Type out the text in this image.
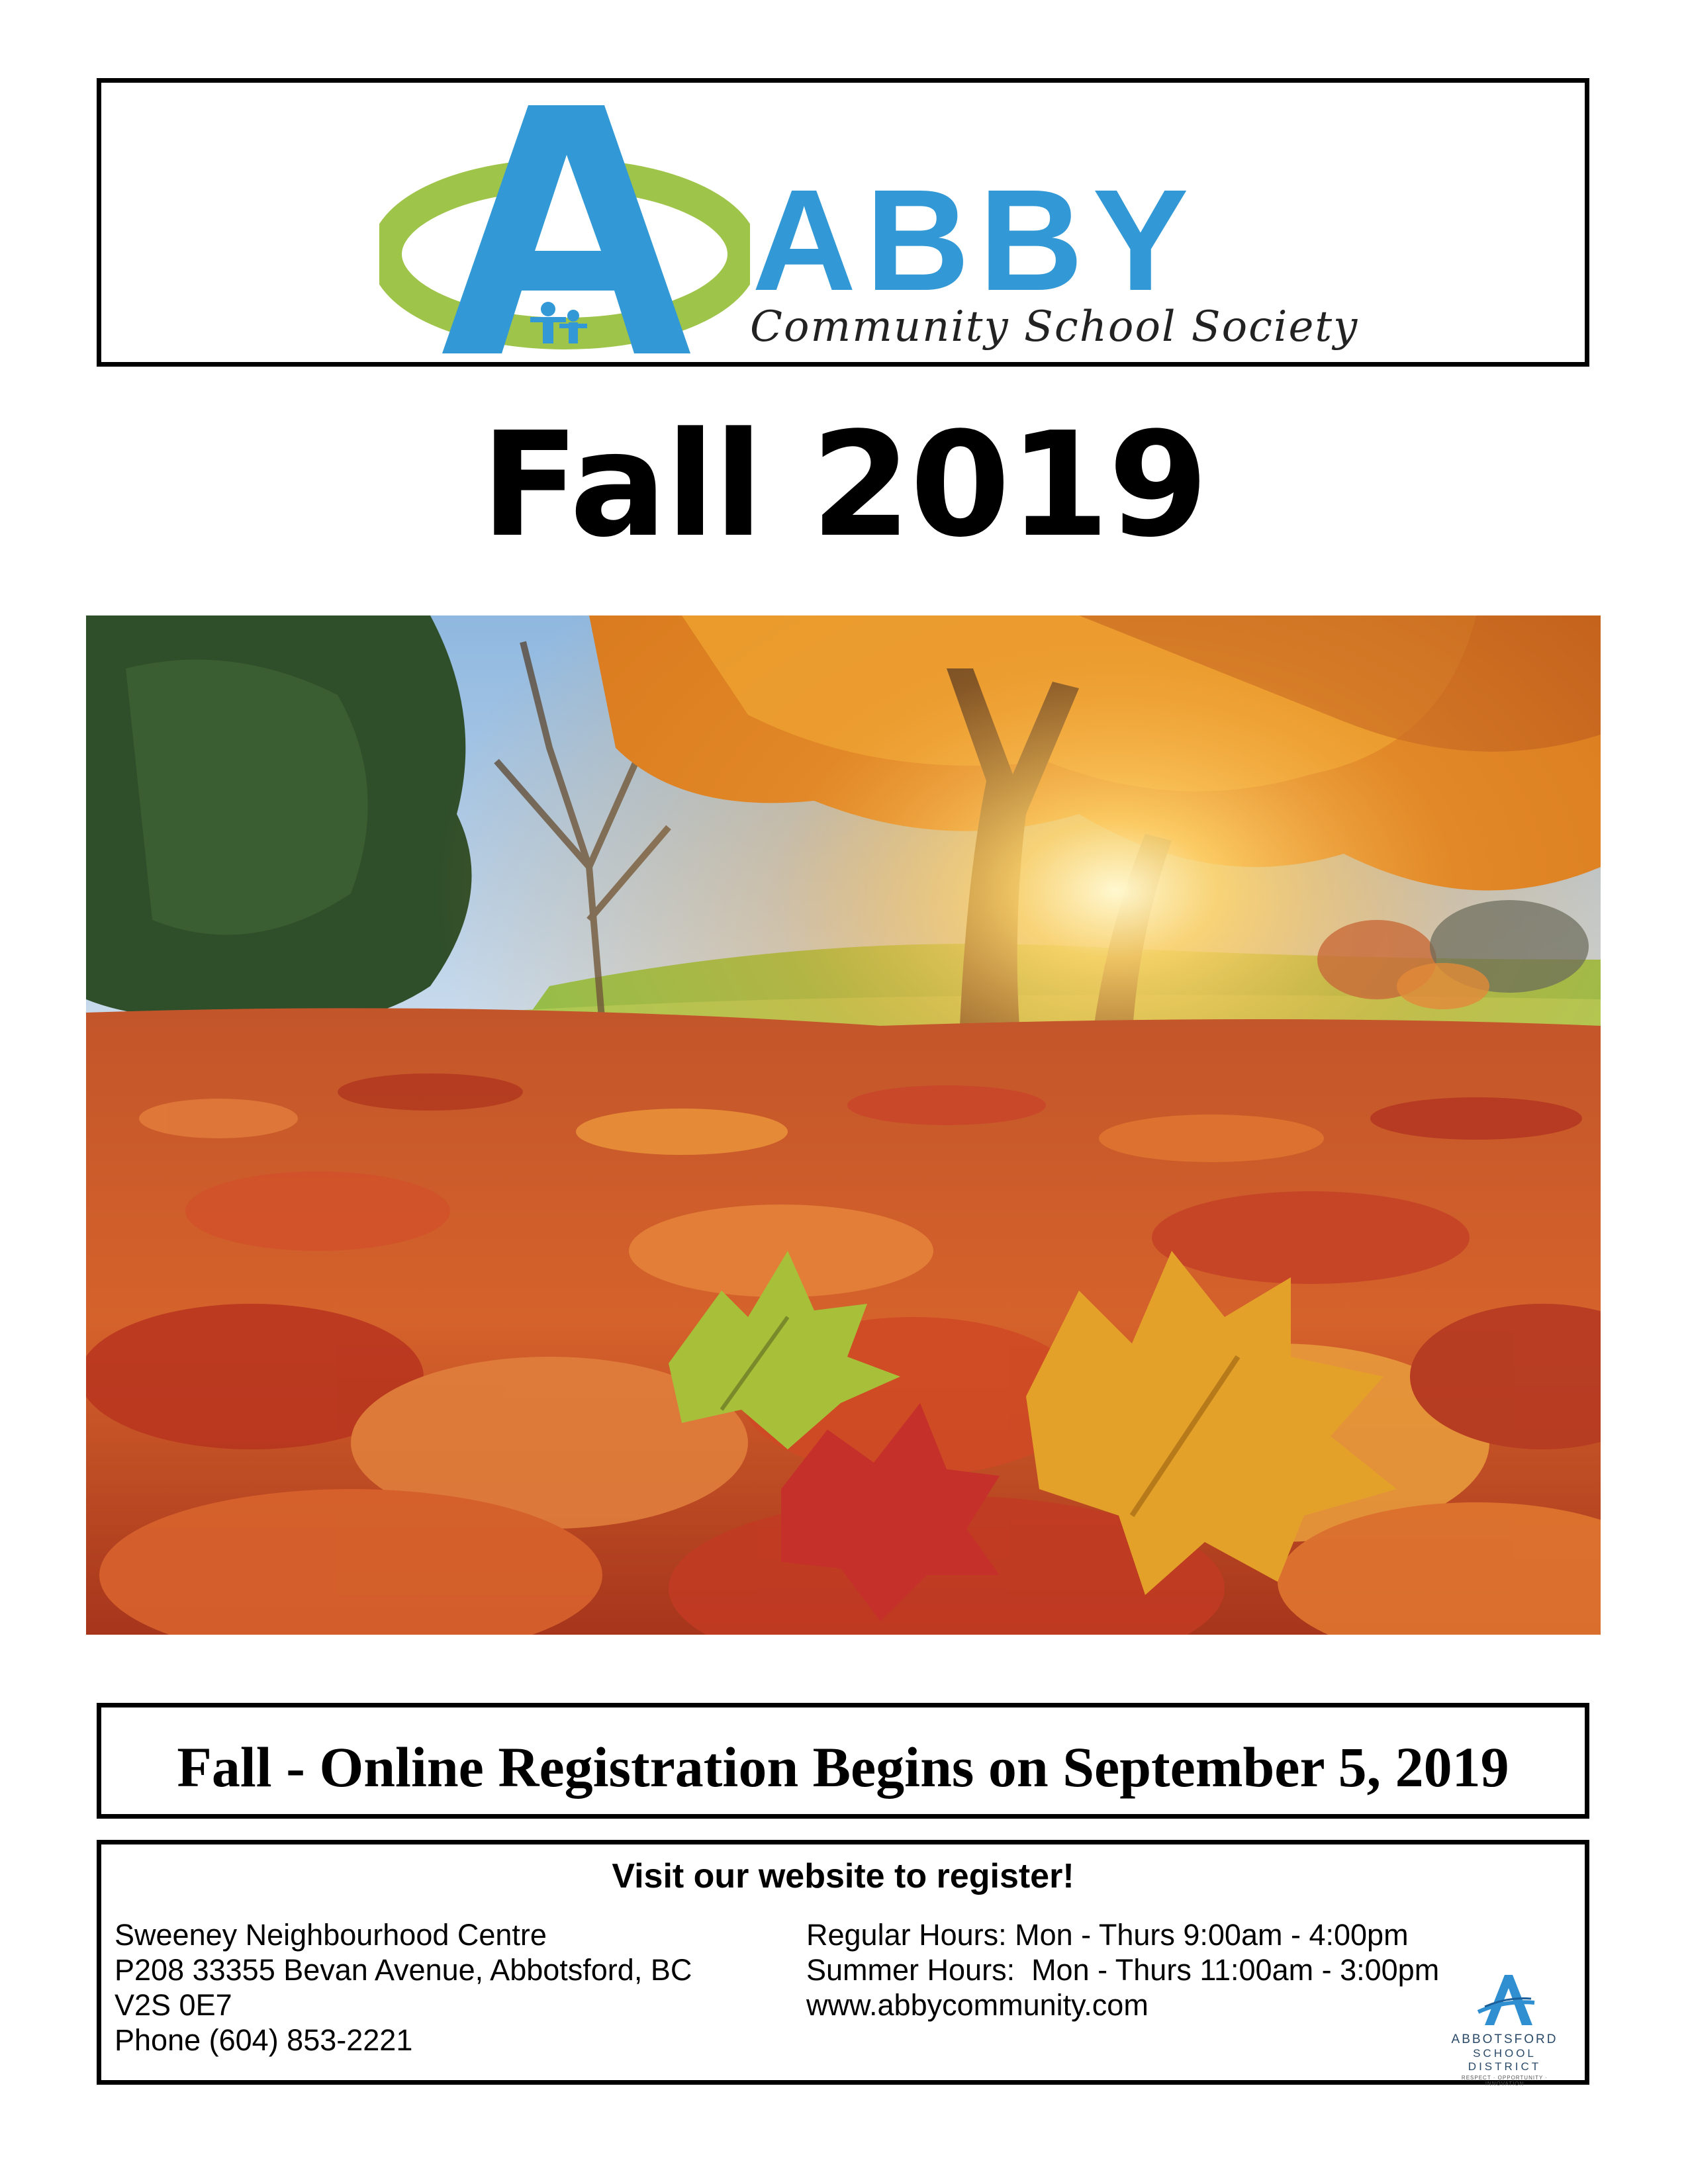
ABBY
Community School Society
Fall 2019
Fall - Online Registration Begins on September 5, 2019
Visit our website to register!
Sweeney Neighbourhood Centre
P208 33355 Bevan Avenue, Abbotsford, BC
V2S 0E7
Phone (604) 853-2221
Regular Hours: Mon - Thurs 9:00am - 4:00pm
Summer Hours:  Mon - Thurs 11:00am - 3:00pm
www.abbycommunity.com
ABBOTSFORD
SCHOOL DISTRICT
RESPECT · OPPORTUNITY · INNOVATION
